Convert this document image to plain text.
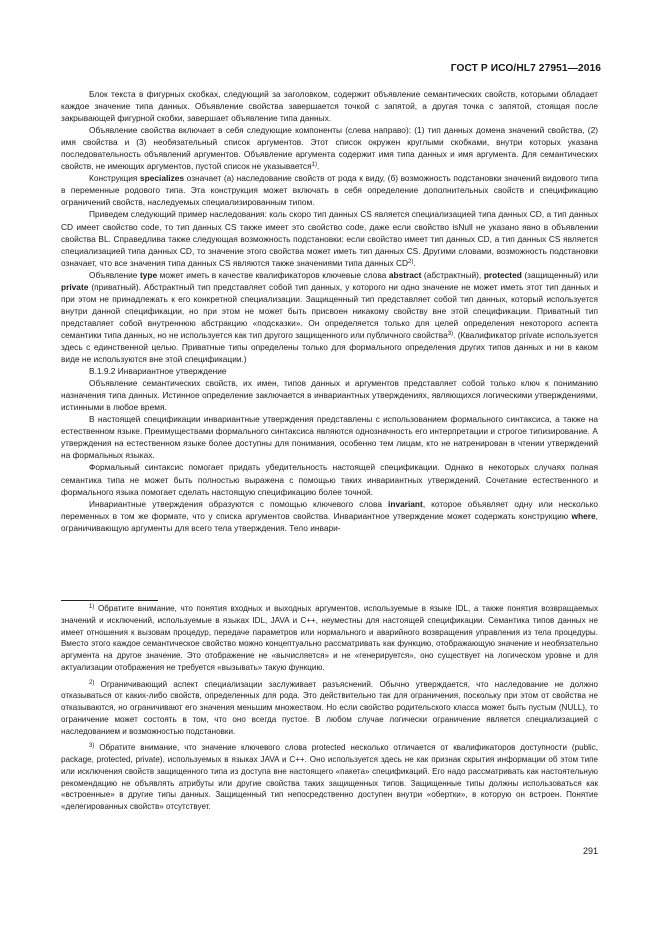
ГОСТ Р ИСО/HL7 27951—2016

Блок текста в фигурных скобках, следующий за заголовком, содержит объявление семантических свойств, которыми обладает каждое значение типа данных. Объявление свойства завершается точкой с запятой, а другая точка с запятой, стоящая после закрывающей фигурной скобки, завершает объявление типа данных.

Объявление свойства включает в себя следующие компоненты (слева направо): (1) тип данных домена значений свойства, (2) имя свойства и (3) необязательный список аргументов. Этот список окружен круглыми скобками, внутри которых указана последовательность объявлений аргументов. Объявление аргумента содержит имя типа данных и имя аргумента. Для семантических свойств, не имеющих аргументов, пустой список не указывается$^{1)}$.

Конструкция specializes означает (а) наследование свойств от рода к виду, (б) возможность подстановки значений видового типа в переменные родового типа. Эта конструкция может включать в себя определение дополнительных свойств и спецификацию ограничений свойств, наследуемых специализированным типом.

Приведем следующий пример наследования: коль скоро тип данных CS является специализацией типа данных CD, а тип данных CD имеет свойство code, то тип данных CS также имеет это свойство code, даже если свойство isNull не указано явно в объявлении свойства BL. Справедлива также следующая возможность подстановки: если свойство имеет тип данных CD, а тип данных CS является специализацией типа данных CD, то значение этого свойства может иметь тип данных CS. Другими словами, возможность подстановки означает, что все значения типа данных CS являются также значениями типа данных CD$^{2)}$.

Объявление type может иметь в качестве квалификаторов ключевые слова abstract (абстрактный), protected (защищенный) или private (приватный). Абстрактный тип представляет собой тип данных, у которого ни одно значение не может иметь этот тип данных и при этом не принадлежать к его конкретной специализации. Защищенный тип представляет собой тип данных, который используется внутри данной спецификации, но при этом не может быть присвоен никакому свойству вне этой спецификации. Приватный тип представляет собой внутреннюю абстракцию «подсказки». Он определяется только для целей определения некоторого аспекта семантики типа данных, но не используется как тип другого защищенного или публичного свойства$^{3)}$. (Квалификатор private используется здесь с единственной целью. Приватные типы определены только для формального определения других типов данных и ни в каком виде не используются вне этой спецификации.)

B.1.9.2 Инвариантное утверждение

Объявление семантических свойств, их имен, типов данных и аргументов представляет собой только ключ к пониманию назначения типа данных. Истинное определение заключается в инвариантных утверждениях, являющихся логическими утверждениями, истинными в любое время.

В настоящей спецификации инвариантные утверждения представлены с использованием формального синтаксиса, а также на естественном языке. Преимуществами формального синтаксиса являются однозначность его интерпретации и строгое типизирование. А утверждения на естественном языке более доступны для понимания, особенно тем лицам, кто не натренирован в чтении утверждений на формальных языках.

Формальный синтаксис помогает придать убедительность настоящей спецификации. Однако в некоторых случаях полная семантика типа не может быть полностью выражена с помощью таких инвариантных утверждений. Сочетание естественного и формального языка помогает сделать настоящую спецификацию более точной.

Инвариантные утверждения образуются с помощью ключевого слова invariant, которое объявляет одну или несколько переменных в том же формате, что у списка аргументов свойства. Инвариантное утверждение может содержать конструкцию where, ограничивающую аргументы для всего тела утверждения. Тело инвари-

$^{1)}$ Обратите внимание, что понятия входных и выходных аргументов, используемые в языке IDL, а также понятия возвращаемых значений и исключений, используемые в языках IDL, JAVA и C++, неуместны для настоящей спецификации. Семантика типов данных не имеет отношения к вызовам процедур, передаче параметров или нормального и аварийного возвращения управления из тела процедуры. Вместо этого каждое семантическое свойство можно концептуально рассматривать как функцию, отображающую значение и необязательно аргумента на другое значение. Это отображение не «вычисляется» и не «генерируется», оно существует на логическом уровне и для актуализации отображения не требуется «вызывать» такую функцию.

$^{2)}$ Ограничивающий аспект специализации заслуживает разъяснений. Обычно утверждается, что наследование не должно отказываться от каких-либо свойств, определенных для рода. Это действительно так для ограничения, поскольку при этом от свойства не отказываются, но ограничивают его значения меньшим множеством. Но если свойство родительского класса может быть пустым (NULL), то ограничение может состоять в том, что оно всегда пустое. В любом случае логически ограничение является специализацией с наследованием и возможностью подстановки.

$^{3)}$ Обратите внимание, что значение ключевого слова protected несколько отличается от квалификаторов доступности (public, package, protected, private), используемых в языках JAVA и C++. Оно используется здесь не как признак скрытия информации об этом типе или исключения свойств защищенного типа из доступа вне настоящего «пакета» спецификаций. Его надо рассматривать как настоятельную рекомендацию не объявлять атрибуты или другие свойства таких защищенных типов. Защищенные типы должны использоваться как «встроенные» в другие типы данных. Защищенный тип непосредственно доступен внутри «обертки», в которую он встроен. Понятие «делегированных свойств» отсутствует.

291
